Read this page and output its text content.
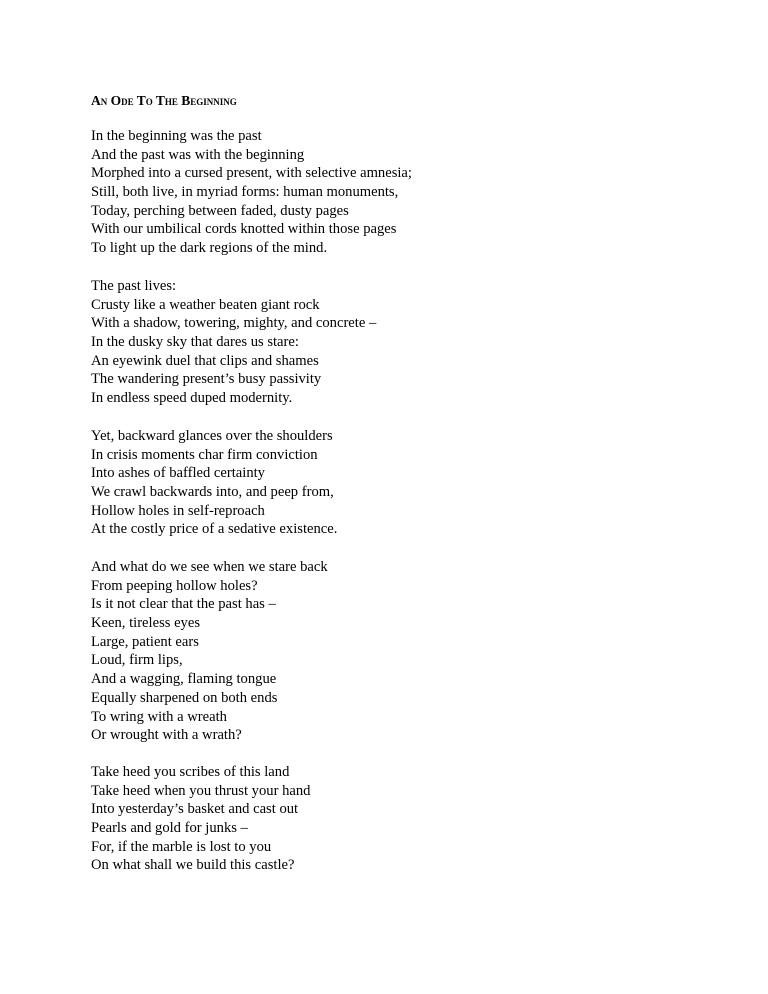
An Ode To The Beginning
In the beginning was the past
And the past was with the beginning
Morphed into a cursed present, with selective amnesia;
Still, both live, in myriad forms: human monuments,
Today, perching between faded, dusty pages
With our umbilical cords knotted within those pages
To light up the dark regions of the mind.
The past lives:
Crusty like a weather beaten giant rock
With a shadow, towering, mighty, and concrete –
In the dusky sky that dares us stare:
An eyewink duel that clips and shames
The wandering present’s busy passivity
In endless speed duped modernity.
Yet, backward glances over the shoulders
In crisis moments char firm conviction
Into ashes of baffled certainty
We crawl backwards into, and peep from,
Hollow holes in self-reproach
At the costly price of a sedative existence.
And what do we see when we stare back
From peeping hollow holes?
Is it not clear that the past has –
Keen, tireless eyes
Large, patient ears
Loud, firm lips,
And a wagging, flaming tongue
Equally sharpened on both ends
To wring with a wreath
Or wrought with a wrath?
Take heed you scribes of this land
Take heed when you thrust your hand
Into yesterday’s basket and cast out
Pearls and gold for junks –
For, if the marble is lost to you
On what shall we build this castle?
